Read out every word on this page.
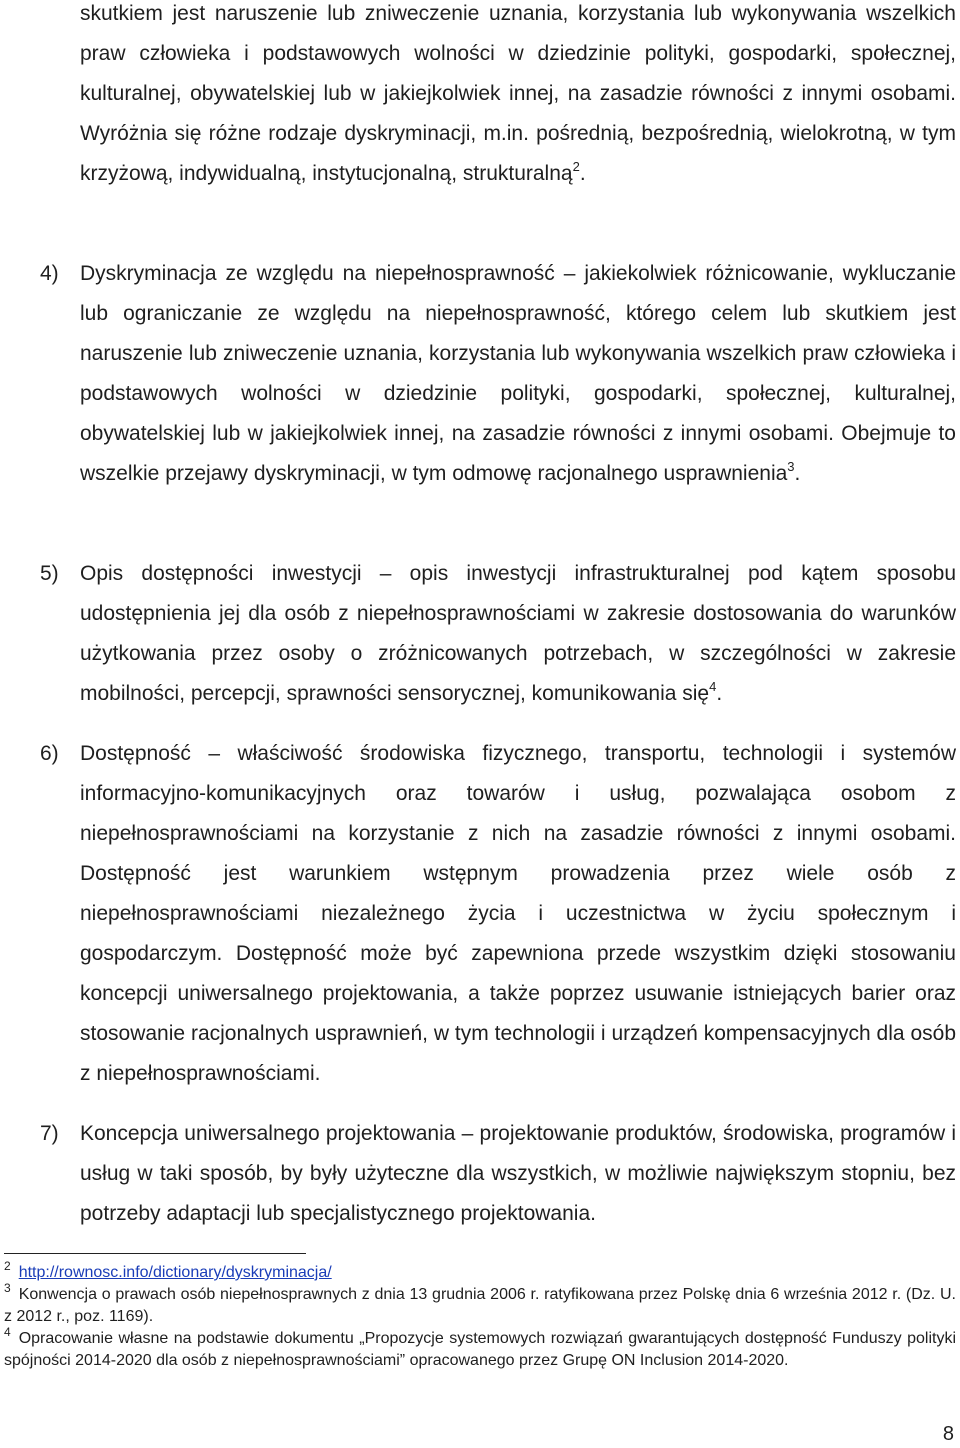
skutkiem jest naruszenie lub zniweczenie uznania, korzystania lub wykonywania wszelkich praw człowieka i podstawowych wolności w dziedzinie polityki, gospodarki, społecznej, kulturalnej, obywatelskiej lub w jakiejkolwiek innej, na zasadzie równości z innymi osobami. Wyróżnia się różne rodzaje dyskryminacji, m.in. pośrednią, bezpośrednią, wielokrotną, w tym krzyżową, indywidualną, instytucjonalną, strukturalną$^2$.
4)	Dyskryminacja ze względu na niepełnosprawność – jakiekolwiek różnicowanie, wykluczanie lub ograniczanie ze względu na niepełnosprawność, którego celem lub skutkiem jest naruszenie lub zniweczenie uznania, korzystania lub wykonywania wszelkich praw człowieka i podstawowych wolności w dziedzinie polityki, gospodarki, społecznej, kulturalnej, obywatelskiej lub w jakiejkolwiek innej, na zasadzie równości z innymi osobami. Obejmuje to wszelkie przejawy dyskryminacji, w tym odmowę racjonalnego usprawnienia$^3$.
5)	Opis dostępności inwestycji – opis inwestycji infrastrukturalnej pod kątem sposobu udostępnienia jej dla osób z niepełnosprawnościami w zakresie dostosowania do warunków użytkowania przez osoby o zróżnicowanych potrzebach, w szczególności w zakresie mobilności, percepcji, sprawności sensorycznej, komunikowania się$^4$.
6)	Dostępność – właściwość środowiska fizycznego, transportu, technologii i systemów informacyjno-komunikacyjnych oraz towarów i usług, pozwalająca osobom z niepełnosprawnościami na korzystanie z nich na zasadzie równości z innymi osobami. Dostępność jest warunkiem wstępnym prowadzenia przez wiele osób z niepełnosprawnościami niezależnego życia i uczestnictwa w życiu społecznym i gospodarczym. Dostępność może być zapewniona przede wszystkim dzięki stosowaniu koncepcji uniwersalnego projektowania, a także poprzez usuwanie istniejących barier oraz stosowanie racjonalnych usprawnień, w tym technologii i urządzeń kompensacyjnych dla osób z niepełnosprawnościami.
7)	Koncepcja uniwersalnego projektowania – projektowanie produktów, środowiska, programów i usług w taki sposób, by były użyteczne dla wszystkich, w możliwie największym stopniu, bez potrzeby adaptacji lub specjalistycznego projektowania.

$^2$ http://rownosc.info/dictionary/dyskryminacja/

$^3$ Konwencja o prawach osób niepełnosprawnych z dnia 13 grudnia 2006 r. ratyfikowana przez Polskę dnia 6 września 2012 r. (Dz. U. z 2012 r., poz. 1169).

$^4$ Opracowanie własne na podstawie dokumentu „Propozycje systemowych rozwiązań gwarantujących dostępność Funduszy polityki spójności 2014-2020 dla osób z niepełnosprawnościami” opracowanego przez Grupę ON Inclusion 2014-2020.

8
